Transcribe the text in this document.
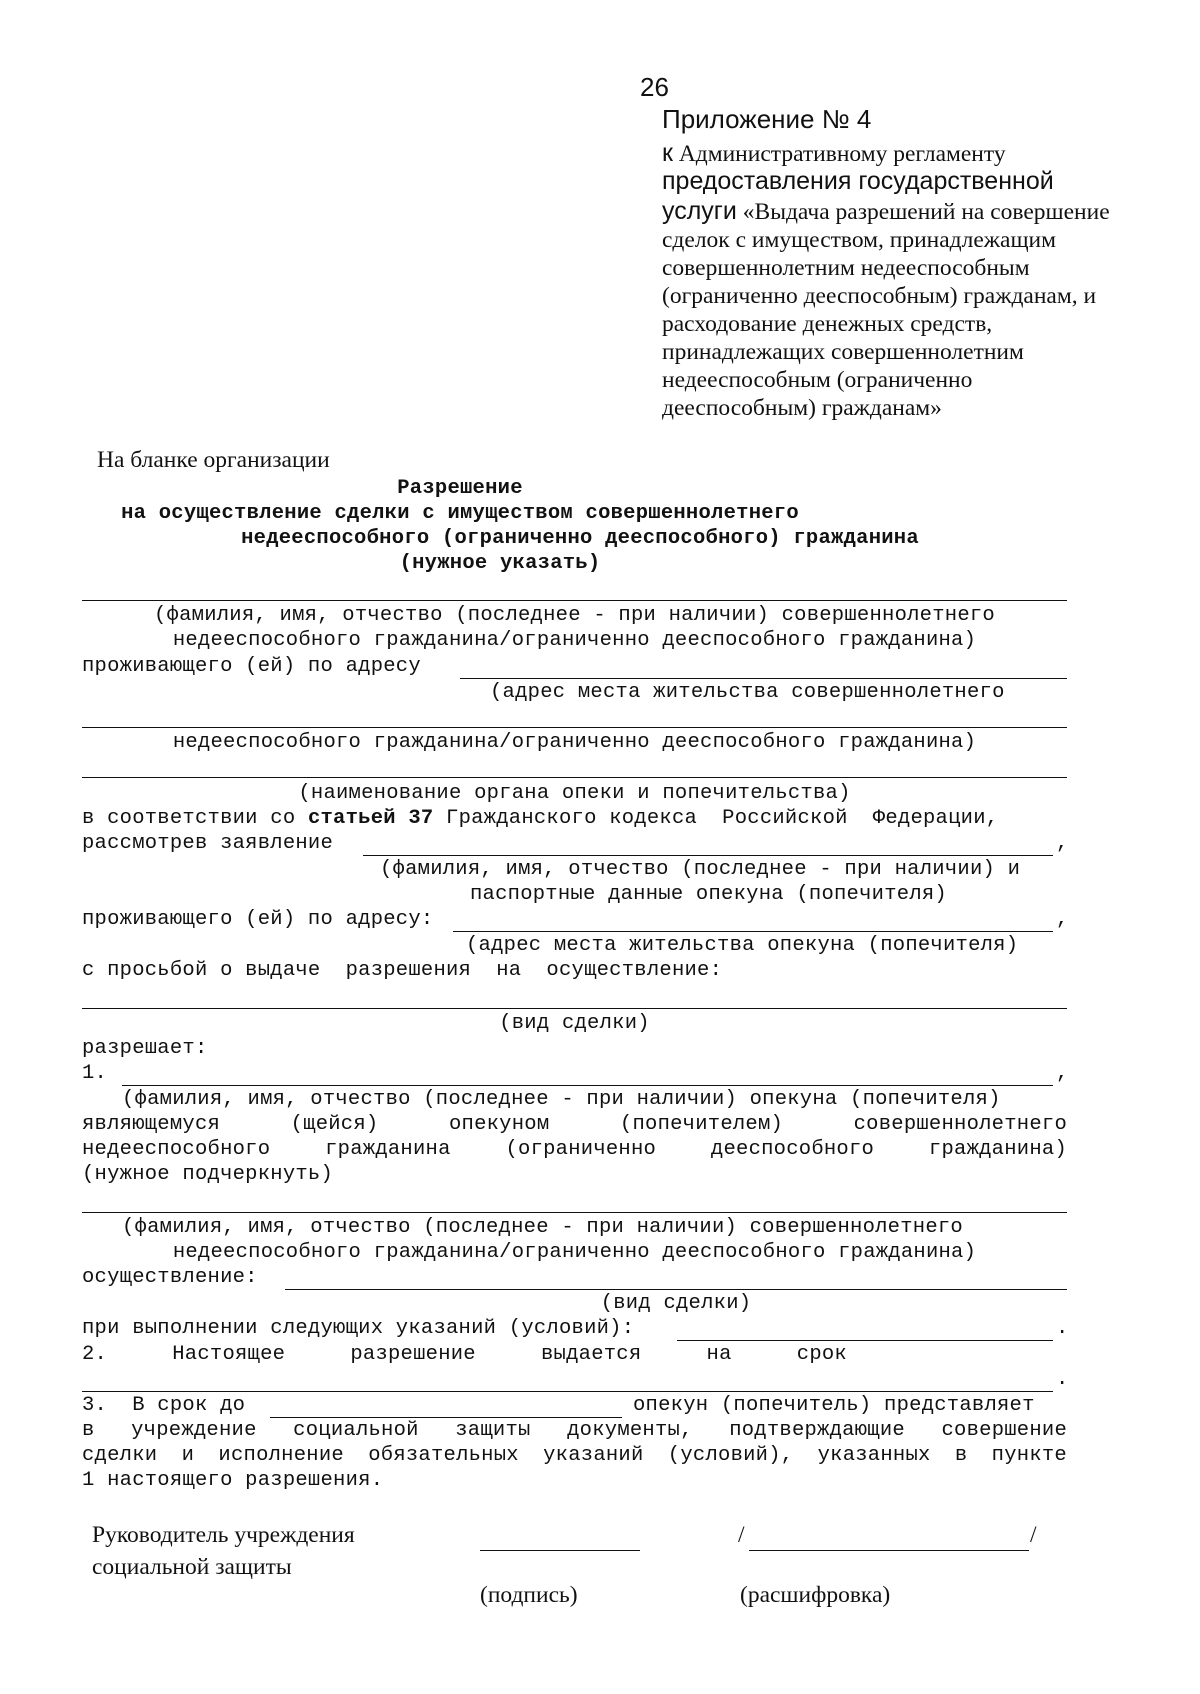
26
Приложение № 4
к Административному регламенту
предоставления государственной
услуги «Выдача разрешений на совершение
сделок с имуществом, принадлежащим
совершеннолетним недееспособным
(ограниченно дееспособным) гражданам, и
расходование денежных средств,
принадлежащих совершеннолетним
недееспособным (ограниченно
дееспособным) гражданам»
На бланке организации
Разрешение
на осуществление сделки с имуществом совершеннолетнего
недееспособного (ограниченно дееспособного) гражданина
(нужное указать)
(фамилия, имя, отчество (последнее - при наличии) совершеннолетнего
недееспособного гражданина/ограниченно дееспособного гражданина)
проживающего (ей) по адресу
(адрес места жительства совершеннолетнего
недееспособного гражданина/ограниченно дееспособного гражданина)
(наименование органа опеки и попечительства)
в соответствии со статьей 37 Гражданского кодекса  Российской  Федерации,
рассмотрев заявление	,
(фамилия, имя, отчество (последнее - при наличии) и
паспортные данные опекуна (попечителя)
проживающего (ей) по адресу:	,
(адрес места жительства опекуна (попечителя)
с просьбой о выдаче  разрешения  на  осуществление:
(вид сделки)
разрешает:
1.	,
(фамилия, имя, отчество (последнее - при наличии) опекуна (попечителя)
являющемуся (щейся) опекуном (попечителем) совершеннолетнего
недееспособного гражданина (ограниченно дееспособного гражданина)
(нужное подчеркнуть)
(фамилия, имя, отчество (последнее - при наличии) совершеннолетнего
недееспособного гражданина/ограниченно дееспособного гражданина)
осуществление:
(вид сделки)
при выполнении следующих указаний (условий):	.
2. Настоящее разрешение выдается на срок
.
3.  В срок до	опекун (попечитель) представляет
в учреждение социальной защиты документы, подтверждающие совершение
сделки и исполнение обязательных указаний (условий), указанных в пункте
1 настоящего разрешения.
Руководитель учреждения
социальной защиты
/	/
(подпись)	(расшифровка)
